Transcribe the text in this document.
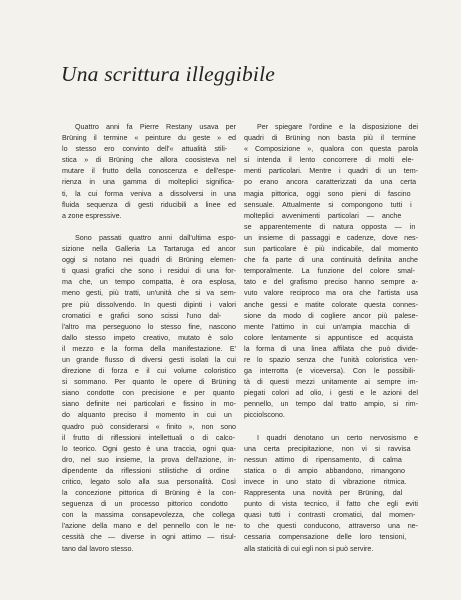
Una scrittura illeggibile

Quattro anni fa Pierre Restany usava per
Brüning il termine « peinture du geste » ed
lo stesso ero convinto dell'« attualità stili-
stica » di Brüning che allora coosisteva nel
mutare il frutto della conoscenza e dell'espe-
rienza in una gamma di molteplici significa-
ti, la cui forma veniva a dissolversi in una
fluida sequenza di gesti riducibili a linee ed
a zone espressive.

Sono passati quattro anni dall'ultima espo-
sizione nella Galleria La Tartaruga ed ancor
oggi si notano nei quadri di Brüning elemen-
ti quasi grafici che sono i residui di una for-
ma che, un tempo compatta, è ora esplosa,
meno gesti, più tratti, un'unità che si va sem-
pre più dissolvendo. In questi dipinti i valori
cromatici e grafici sono scissi l'uno dal-
l'altro ma perseguono lo stesso fine, nascono
dallo stesso impeto creativo, mutato è solo
il mezzo e la forma della manifestazione. E'
un grande flusso di diversi gesti isolati la cui
direzione di forza e il cui volume coloristico
si sommano. Per quanto le opere di Brüning
siano condotte con precisione e per quanto
siano definite nei particolari e fissino in mo-
do alquanto preciso il momento in cui un
quadro può considerarsi « finito », non sono
il frutto di riflessioni intellettuali o di calco-
lo teorico. Ogni gesto è una traccia, ogni qua-
dro, nel suo insieme, la prova dell'azione, in-
dipendente da riflessioni stilistiche di ordine
critico, legato solo alla sua personalità. Così
la concezione pittorica di Brüning è la con-
seguenza di un processo pittorico condotto
con la massima consapevolezza, che collega
l'azione della mano e del pennello con le ne-
cessità che — diverse in ogni attimo — risul-
tano dal lavoro stesso.

Per spiegare l'ordine e la disposizione dei
quadri di Brüning non basta più il termine
« Composizione », qualora con questa parola
si intenda il lento concorrere di molti ele-
menti particolari. Mentre i quadri di un tem-
po erano ancora caratterizzati da una certa
magia pittorica, oggi sono pieni di fascino
sensuale. Attualmente si compongono tutti i
molteplici avvenimenti particolari — anche
se apparentemente di natura opposta — in
un insieme di passaggi e cadenze, dove nes-
sun particolare è più indicabile, dal momento
che fa parte di una continuità definita anche
temporalmente. La funzione del colore smal-
tato e del grafismo preciso hanno sempre a-
vuto valore reciproco ma ora che l'artista usa
anche gessi e matite colorate questa connes-
sione da modo di cogliere ancor più palese-
mente l'attimo in cui un'ampia macchia di
colore lentamente si appuntisce ed acquista
la forma di una linea affilata che può divide-
re lo spazio senza che l'unità coloristica ven-
ga interrotta (e viceversa). Con le possibili-
tà di questi mezzi unitamente ai sempre im-
piegati colori ad olio, i gesti e le azioni del
pennello, un tempo dal tratto ampio, si rim-
picciolscono.

I quadri denotano un certo nervosismo e
una certa precipitazione, non vi si ravvisa
nessun attimo di ripensamento, di calma
statica o di ampio abbandono, rimangono
invece in uno stato di vibrazione ritmica.
Rappresenta una novità per Brüning, dal
punto di vista tecnico, il fatto che egli eviti
quasi tutti i contrasti cromatici, dal momen-
to che questi conducono, attraverso una ne-
cessaria compensazione delle loro tensioni,
alla staticità di cui egli non si può servire.
